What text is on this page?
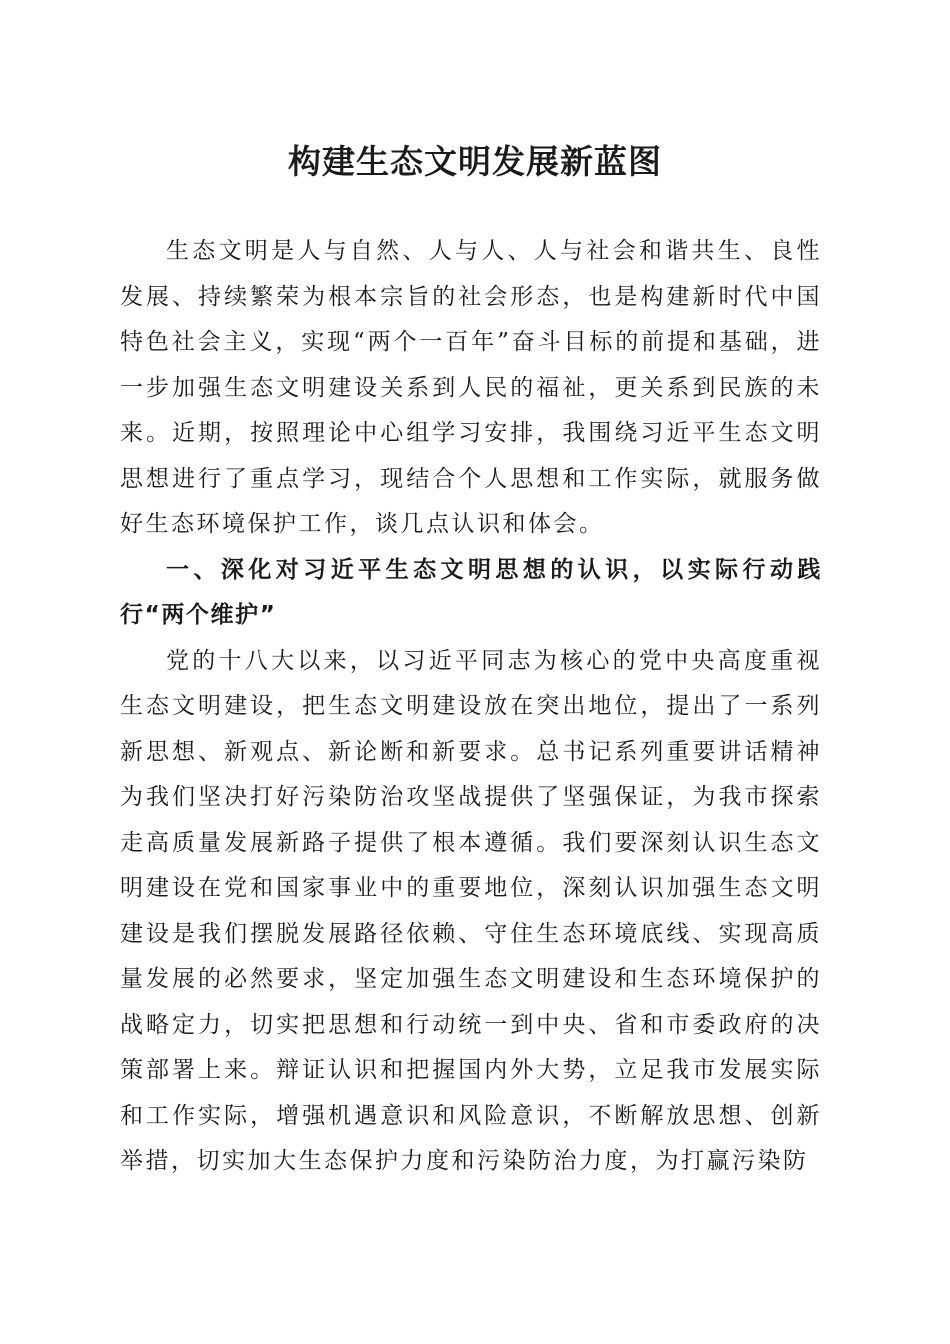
构建生态文明发展新蓝图

生态文明是人与自然、人与人、人与社会和谐共生、良性发展、持续繁荣为根本宗旨的社会形态，也是构建新时代中国特色社会主义，实现“两个一百年”奋斗目标的前提和基础，进一步加强生态文明建设关系到人民的福祉，更关系到民族的未来。近期，按照理论中心组学习安排，我围绕习近平生态文明思想进行了重点学习，现结合个人思想和工作实际，就服务做好生态环境保护工作，谈几点认识和体会。

一、深化对习近平生态文明思想的认识，以实际行动践行“两个维护”

党的十八大以来，以习近平同志为核心的党中央高度重视生态文明建设，把生态文明建设放在突出地位，提出了一系列新思想、新观点、新论断和新要求。总书记系列重要讲话精神为我们坚决打好污染防治攻坚战提供了坚强保证，为我市探索走高质量发展新路子提供了根本遵循。我们要深刻认识生态文明建设在党和国家事业中的重要地位，深刻认识加强生态文明建设是我们摆脱发展路径依赖、守住生态环境底线、实现高质量发展的必然要求，坚定加强生态文明建设和生态环境保护的战略定力，切实把思想和行动统一到中央、省和市委政府的决策部署上来。辩证认识和把握国内外大势，立足我市发展实际和工作实际，增强机遇意识和风险意识，不断解放思想、创新举措，切实加大生态保护力度和污染防治力度，为打赢污染防
